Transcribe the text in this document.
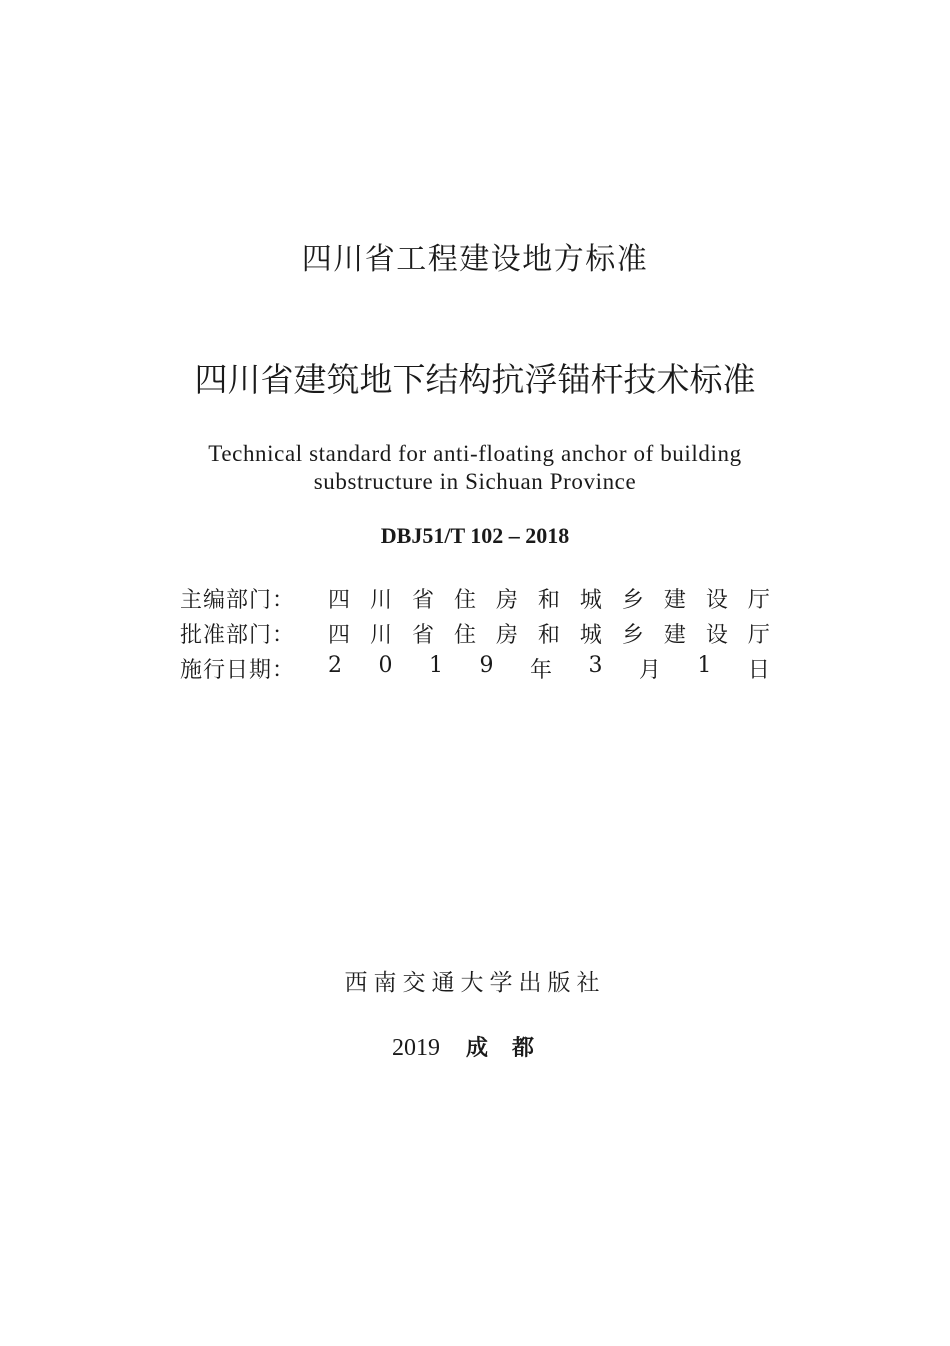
四川省工程建设地方标准
四川省建筑地下结构抗浮锚杆技术标准
Technical standard for anti-floating anchor of building
substructure in Sichuan Province
DBJ51/T 102 – 2018
主编部门：	四 川 省 住 房 和 城 乡 建 设 厅
批准部门：	四 川 省 住 房 和 城 乡 建 设 厅
施行日期：	2 0 1 9 年 3 月 1 日
西南交通大学出版社
2019 成都
